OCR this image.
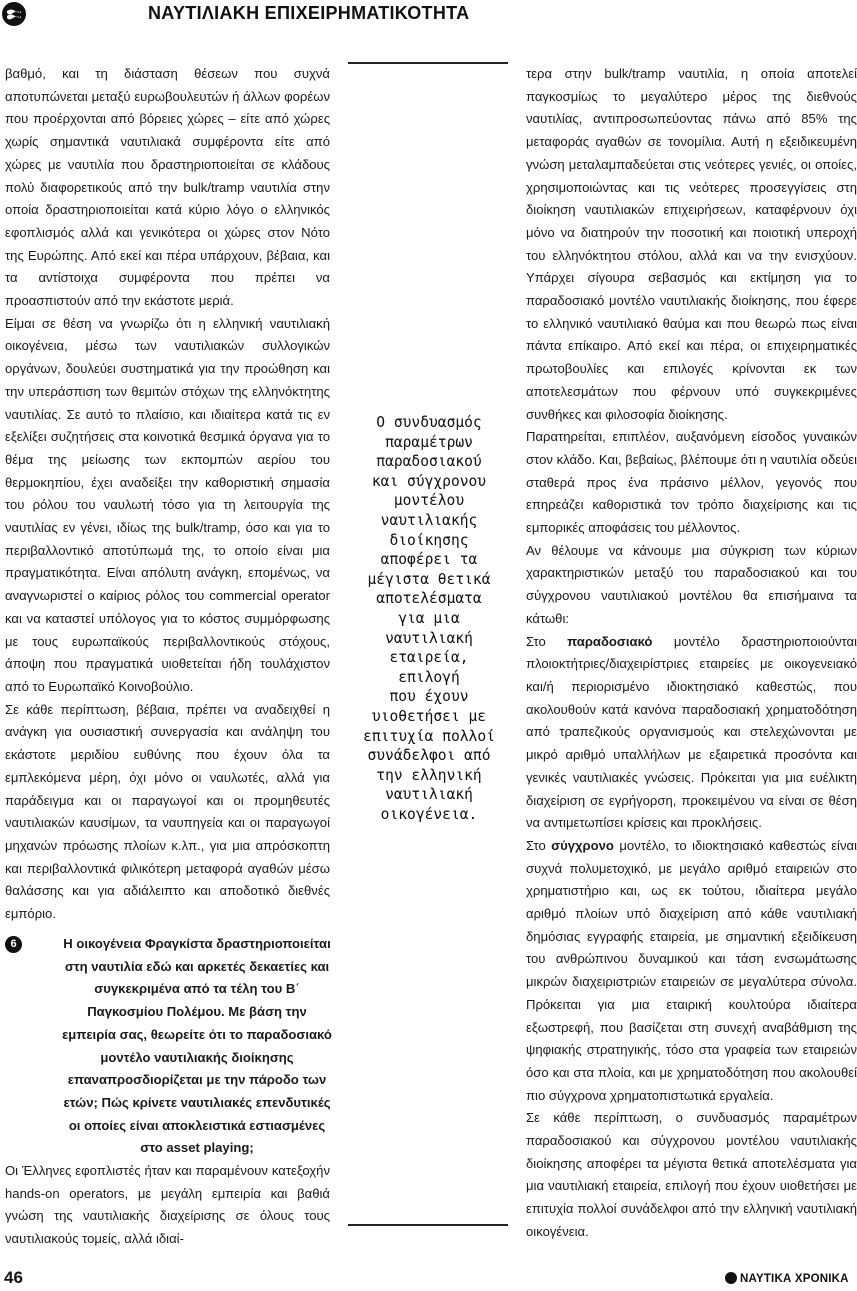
ΝΑΥΤΙΛΙΑΚΗ ΕΠΙΧΕΙΡΗΜΑΤΙΚΟΤΗΤΑ

βαθμό, και τη διάσταση θέσεων που συχνά αποτυπώνεται μεταξύ ευρωβουλευτών ή άλλων φορέων που προέρχονται από βόρειες χώρες – είτε από χώρες χωρίς σημαντικά ναυτιλιακά συμφέροντα είτε από χώρες με ναυτιλία που δραστηριοποιείται σε κλάδους πολύ διαφορετικούς από την bulk/tramp ναυτιλία στην οποία δραστηριοποιείται κατά κύριο λόγο ο ελληνικός εφοπλισμός αλλά και γενικότερα οι χώρες στον Νότο της Ευρώπης. Από εκεί και πέρα υπάρχουν, βέβαια, και τα αντίστοιχα συμφέροντα που πρέπει να προασπιστούν από την εκάστοτε μεριά.

Είμαι σε θέση να γνωρίζω ότι η ελληνική ναυτιλιακή οικογένεια, μέσω των ναυτιλιακών συλλογικών οργάνων, δουλεύει συστηματικά για την προώθηση και την υπεράσπιση των θεμιτών στόχων της ελληνόκτητης ναυτιλίας. Σε αυτό το πλαίσιο, και ιδιαίτερα κατά τις εν εξελίξει συζητήσεις στα κοινοτικά θεσμικά όργανα για το θέμα της μείωσης των εκπομπών αερίου του θερμοκηπίου, έχει αναδείξει την καθοριστική σημασία του ρόλου του ναυλωτή τόσο για τη λειτουργία της ναυτιλίας εν γένει, ιδίως της bulk/tramp, όσο και για το περιβαλλοντικό αποτύπωμά της, το οποίο είναι μια πραγματικότητα. Είναι απόλυτη ανάγκη, επομένως, να αναγνωριστεί ο καίριος ρόλος του commercial operator και να καταστεί υπόλογος για το κόστος συμμόρφωσης με τους ευρωπαϊκούς περιβαλλοντικούς στόχους, άποψη που πραγματικά υιοθετείται ήδη τουλάχιστον από το Ευρωπαϊκό Κοινοβούλιο.

Σε κάθε περίπτωση, βέβαια, πρέπει να αναδειχθεί η ανάγκη για ουσιαστική συνεργασία και ανάληψη του εκάστοτε μεριδίου ευθύνης που έχουν όλα τα εμπλεκόμενα μέρη, όχι μόνο οι ναυλωτές, αλλά για παράδειγμα και οι παραγωγοί και οι προμηθευτές ναυτιλιακών καυσίμων, τα ναυπηγεία και οι παραγωγοί μηχανών πρόωσης πλοίων κ.λπ., για μια απρόσκοπτη και περιβαλλοντικά φιλικότερη μεταφορά αγαθών μέσω θαλάσσης και για αδιάλειπτο και αποδοτικό διεθνές εμπόριο.

6	Η οικογένεια Φραγκίστα δραστηριοποιείται στη ναυτιλία εδώ και αρκετές δεκαετίες και συγκεκριμένα από τα τέλη του Β΄ Παγκοσμίου Πολέμου. Με βάση την εμπειρία σας, θεωρείτε ότι το παραδοσιακό μοντέλο ναυτιλιακής διοίκησης επαναπροσδιορίζεται με την πάροδο των ετών; Πώς κρίνετε ναυτιλιακές επενδυτικές οι οποίες είναι αποκλειστικά εστιασμένες στο asset playing;
Οι Έλληνες εφοπλιστές ήταν και παραμένουν κατεξοχήν hands-on operators, με μεγάλη εμπειρία και βαθιά γνώση της ναυτιλιακής διαχείρισης σε όλους τους ναυτιλιακούς τομείς, αλλά ιδιαί-
Ο συνδυασμός
παραμέτρων
παραδοσιακού
και σύγχρονου
μοντέλου
ναυτιλιακής
διοίκησης
αποφέρει τα
μέγιστα θετικά
αποτελέσματα
για μια
ναυτιλιακή
εταιρεία,
επιλογή
που έχουν
υιοθετήσει με
επιτυχία πολλοί
συνάδελφοι από
την ελληνική
ναυτιλιακή
οικογένεια.

τερα στην bulk/tramp ναυτιλία, η οποία αποτελεί παγκοσμίως το μεγαλύτερο μέρος της διεθνούς ναυτιλίας, αντιπροσωπεύοντας πάνω από 85% της μεταφοράς αγαθών σε τονομίλια. Αυτή η εξειδικευμένη γνώση μεταλαμπαδεύεται στις νεότερες γενιές, οι οποίες, χρησιμοποιώντας και τις νεότερες προσεγγίσεις στη διοίκηση ναυτιλιακών επιχειρήσεων, καταφέρνουν όχι μόνο να διατηρούν την ποσοτική και ποιοτική υπεροχή του ελληνόκτητου στόλου, αλλά και να την ενισχύουν. Υπάρχει σίγουρα σεβασμός και εκτίμηση για το παραδοσιακό μοντέλο ναυτιλιακής διοίκησης, που έφερε το ελληνικό ναυτιλιακό θαύμα και που θεωρώ πως είναι πάντα επίκαιρο. Από εκεί και πέρα, οι επιχειρηματικές πρωτοβουλίες και επιλογές κρίνονται εκ των αποτελεσμάτων που φέρνουν υπό συγκεκριμένες συνθήκες και φιλοσοφία διοίκησης.

Παρατηρείται, επιπλέον, αυξανόμενη είσοδος γυναικών στον κλάδο. Και, βεβαίως, βλέπουμε ότι η ναυτιλία οδεύει σταθερά προς ένα πράσινο μέλλον, γεγονός που επηρεάζει καθοριστικά τον τρόπο διαχείρισης και τις εμπορικές αποφάσεις του μέλλοντος.

Αν θέλουμε να κάνουμε μια σύγκριση των κύριων χαρακτηριστικών μεταξύ του παραδοσιακού και του σύγχρονου ναυτιλιακού μοντέλου θα επισήμαινα τα κάτωθι:

Στο παραδοσιακό μοντέλο δραστηριοποιούνται πλοιοκτήτριες/διαχειρίστριες εταιρείες με οικογενειακό και/ή περιορισμένο ιδιοκτησιακό καθεστώς, που ακολουθούν κατά κανόνα παραδοσιακή χρηματοδότηση από τραπεζικούς οργανισμούς και στελεχώνονται με μικρό αριθμό υπαλλήλων με εξαιρετικά προσόντα και γενικές ναυτιλιακές γνώσεις. Πρόκειται για μια ευέλικτη διαχείριση σε εγρήγορση, προκειμένου να είναι σε θέση να αντιμετωπίσει κρίσεις και προκλήσεις.

Στο σύγχρονο μοντέλο, το ιδιοκτησιακό καθεστώς είναι συχνά πολυμετοχικό, με μεγάλο αριθμό εταιρειών στο χρηματιστήριο και, ως εκ τούτου, ιδιαίτερα μεγάλο αριθμό πλοίων υπό διαχείριση από κάθε ναυτιλιακή δημόσιας εγγραφής εταιρεία, με σημαντική εξειδίκευση του ανθρώπινου δυναμικού και τάση ενσωμάτωσης μικρών διαχειριστριών εταιρειών σε μεγαλύτερα σύνολα. Πρόκειται για μια εταιρική κουλτούρα ιδιαίτερα εξωστρεφή, που βασίζεται στη συνεχή αναβάθμιση της ψηφιακής στρατηγικής, τόσο στα γραφεία των εταιρειών όσο και στα πλοία, και με χρηματοδότηση που ακολουθεί πιο σύγχρονα χρηματοπιστωτικά εργαλεία.

Σε κάθε περίπτωση, ο συνδυασμός παραμέτρων παραδοσιακού και σύγχρονου μοντέλου ναυτιλιακής διοίκησης αποφέρει τα μέγιστα θετικά αποτελέσματα για μια ναυτιλιακή εταιρεία, επιλογή που έχουν υιοθετήσει με επιτυχία πολλοί συνάδελφοι από την ελληνική ναυτιλιακή οικογένεια.

46	ΝΑΥΤΙΚΑ ΧΡΟΝΙΚΑ
